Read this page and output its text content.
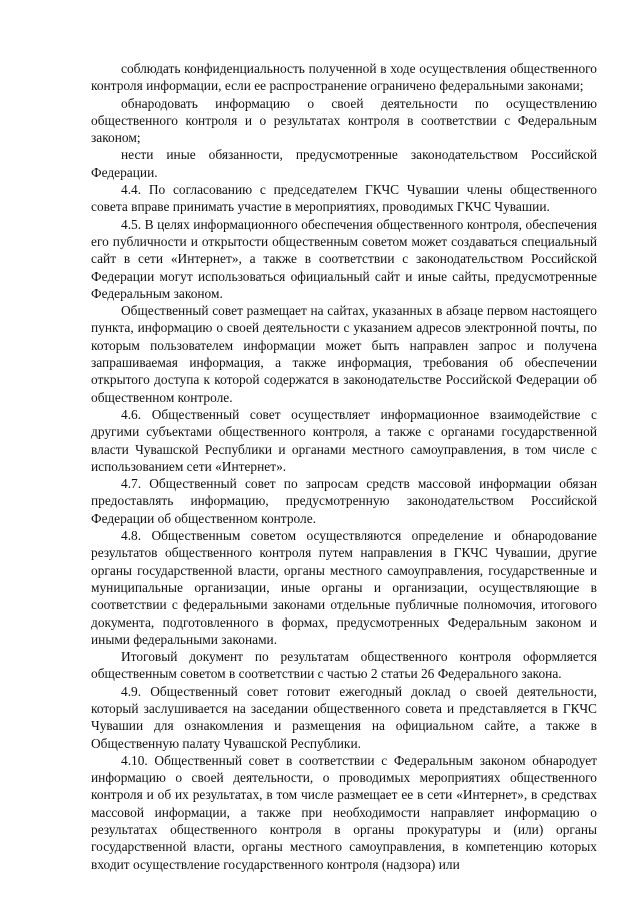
соблюдать конфиденциальность полученной в ходе осуществления общественного контроля информации, если ее распространение ограничено федеральными законами;

обнародовать информацию о своей деятельности по осуществлению общественного контроля и о результатах контроля в соответствии с Федеральным законом;

нести иные обязанности, предусмотренные законодательством Российской Федерации.

4.4. По согласованию с председателем ГКЧС Чувашии члены общественного совета вправе принимать участие в мероприятиях, проводимых ГКЧС Чувашии.

4.5. В целях информационного обеспечения общественного контроля, обеспечения его публичности и открытости общественным советом может создаваться специальный сайт в сети «Интернет», а также в соответствии с законодательством Российской Федерации могут использоваться официальный сайт и иные сайты, предусмотренные Федеральным законом.

Общественный совет размещает на сайтах, указанных в абзаце первом настоящего пункта, информацию о своей деятельности с указанием адресов электронной почты, по которым пользователем информации может быть направлен запрос и получена запрашиваемая информация, а также информация, требования об обеспечении открытого доступа к которой содержатся в законодательстве Российской Федерации об общественном контроле.

4.6. Общественный совет осуществляет информационное взаимодействие с другими субъектами общественного контроля, а также с органами государственной власти Чувашской Республики и органами местного самоуправления, в том числе с использованием сети «Интернет».

4.7. Общественный совет по запросам средств массовой информации обязан предоставлять информацию, предусмотренную законодательством Российской Федерации об общественном контроле.

4.8. Общественным советом осуществляются определение и обнародование результатов общественного контроля путем направления в ГКЧС Чувашии, другие органы государственной власти, органы местного самоуправления, государственные и муниципальные организации, иные органы и организации, осуществляющие в соответствии с федеральными законами отдельные публичные полномочия, итогового документа, подготовленного в формах, предусмотренных Федеральным законом и иными федеральными законами.

Итоговый документ по результатам общественного контроля оформляется общественным советом в соответствии с частью 2 статьи 26 Федерального закона.

4.9. Общественный совет готовит ежегодный доклад о своей деятельности, который заслушивается на заседании общественного совета и представляется в ГКЧС Чувашии для ознакомления и размещения на официальном сайте, а также в Общественную палату Чувашской Республики.

4.10. Общественный совет в соответствии с Федеральным законом обнародует информацию о своей деятельности, о проводимых мероприятиях общественного контроля и об их результатах, в том числе размещает ее в сети «Интернет», в средствах массовой информации, а также при необходимости направляет информацию о результатах общественного контроля в органы прокуратуры и (или) органы государственной власти, органы местного самоуправления, в компетенцию которых входит осуществление государственного контроля (надзора) или
